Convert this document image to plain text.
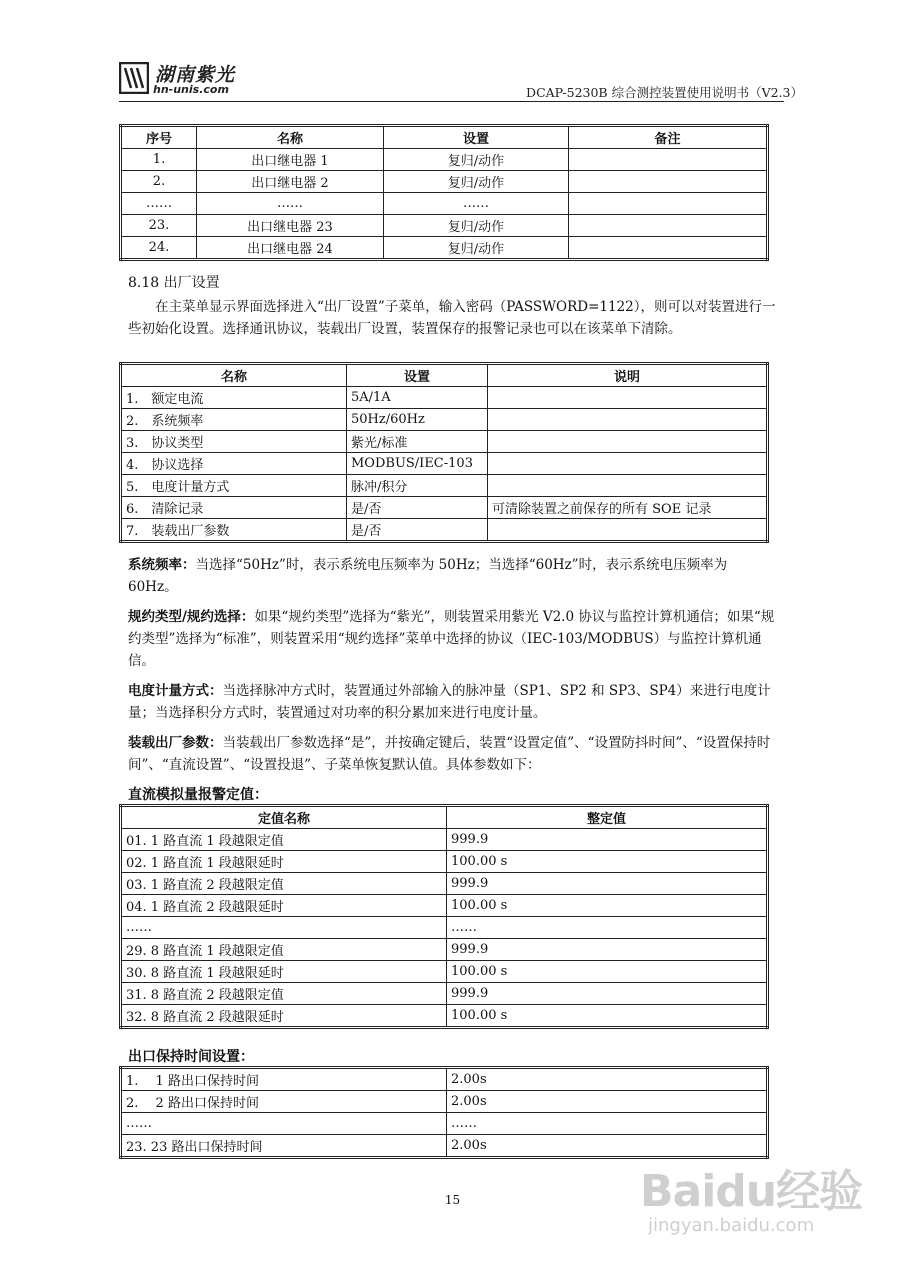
湖南紫光
hn-unis.com	DCAP-5230B 综合测控装置使用说明书（V2.3）
序号	名称	设置	备注
1.	出口继电器 1	复归/动作	
2.	出口继电器 2	复归/动作	
……	……	……	
23.	出口继电器 23	复归/动作	
24.	出口继电器 24	复归/动作	
8.18 出厂设置
在主菜单显示界面选择进入“出厂设置”子菜单，输入密码（PASSWORD=1122），则可以对装置进行一些初始化设置。选择通讯协议，装载出厂设置，装置保存的报警记录也可以在该菜单下清除。
名称	设置	说明
1.　额定电流	5A/1A	
2.　系统频率	50Hz/60Hz	
3.　协议类型	紫光/标准	
4.　协议选择	MODBUS/IEC-103	
5.　电度计量方式	脉冲/积分	
6.　清除记录	是/否	可清除装置之前保存的所有 SOE 记录
7.　装载出厂参数	是/否	
系统频率：当选择“50Hz”时，表示系统电压频率为 50Hz；当选择“60Hz”时，表示系统电压频率为 60Hz。
规约类型/规约选择：如果“规约类型”选择为“紫光”，则装置采用紫光 V2.0 协议与监控计算机通信；如果“规约类型”选择为“标准”，则装置采用“规约选择”菜单中选择的协议（IEC-103/MODBUS）与监控计算机通信。
电度计量方式：当选择脉冲方式时，装置通过外部输入的脉冲量（SP1、SP2 和 SP3、SP4）来进行电度计量；当选择积分方式时，装置通过对功率的积分累加来进行电度计量。
装载出厂参数：当装载出厂参数选择“是”，并按确定键后，装置“设置定值”、“设置防抖时间”、“设置保持时间”、“直流设置”、“设置投退”、子菜单恢复默认值。具体参数如下：
直流模拟量报警定值：
定值名称	整定值
01. 1 路直流 1 段越限定值	999.9
02. 1 路直流 1 段越限延时	100.00 s
03. 1 路直流 2 段越限定值	999.9
04. 1 路直流 2 段越限延时	100.00 s
……	……
29. 8 路直流 1 段越限定值	999.9
30. 8 路直流 1 段越限延时	100.00 s
31. 8 路直流 2 段越限定值	999.9
32. 8 路直流 2 段越限延时	100.00 s
出口保持时间设置：
1.　 1 路出口保持时间	2.00s
2.　 2 路出口保持时间	2.00s
……	……
23. 23 路出口保持时间	2.00s
15	Baidu经验
jingyan.baidu.com
